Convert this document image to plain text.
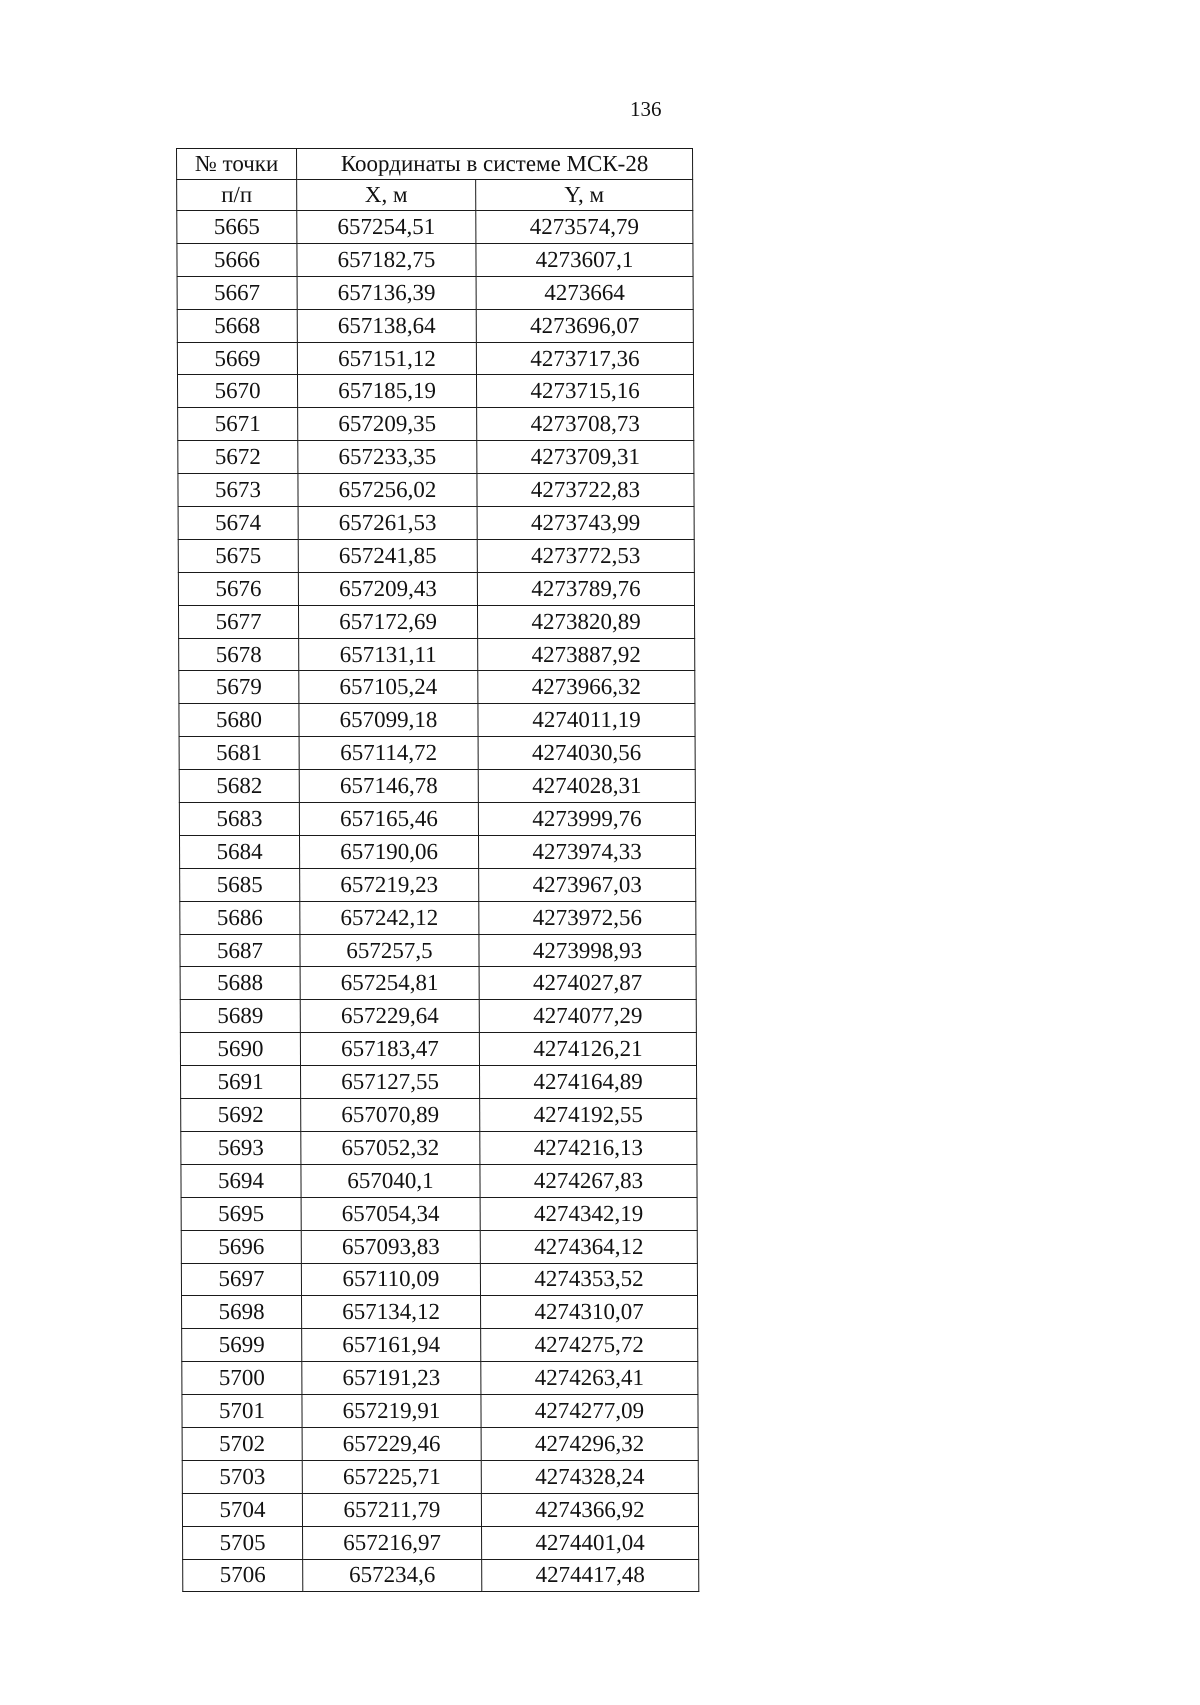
136
№ точки	Координаты в системе МСК-28	
п/п	X, м	Y, м
5665	657254,51	4273574,79
5666	657182,75	4273607,1
5667	657136,39	4273664
5668	657138,64	4273696,07
5669	657151,12	4273717,36
5670	657185,19	4273715,16
5671	657209,35	4273708,73
5672	657233,35	4273709,31
5673	657256,02	4273722,83
5674	657261,53	4273743,99
5675	657241,85	4273772,53
5676	657209,43	4273789,76
5677	657172,69	4273820,89
5678	657131,11	4273887,92
5679	657105,24	4273966,32
5680	657099,18	4274011,19
5681	657114,72	4274030,56
5682	657146,78	4274028,31
5683	657165,46	4273999,76
5684	657190,06	4273974,33
5685	657219,23	4273967,03
5686	657242,12	4273972,56
5687	657257,5	4273998,93
5688	657254,81	4274027,87
5689	657229,64	4274077,29
5690	657183,47	4274126,21
5691	657127,55	4274164,89
5692	657070,89	4274192,55
5693	657052,32	4274216,13
5694	657040,1	4274267,83
5695	657054,34	4274342,19
5696	657093,83	4274364,12
5697	657110,09	4274353,52
5698	657134,12	4274310,07
5699	657161,94	4274275,72
5700	657191,23	4274263,41
5701	657219,91	4274277,09
5702	657229,46	4274296,32
5703	657225,71	4274328,24
5704	657211,79	4274366,92
5705	657216,97	4274401,04
5706	657234,6	4274417,48
